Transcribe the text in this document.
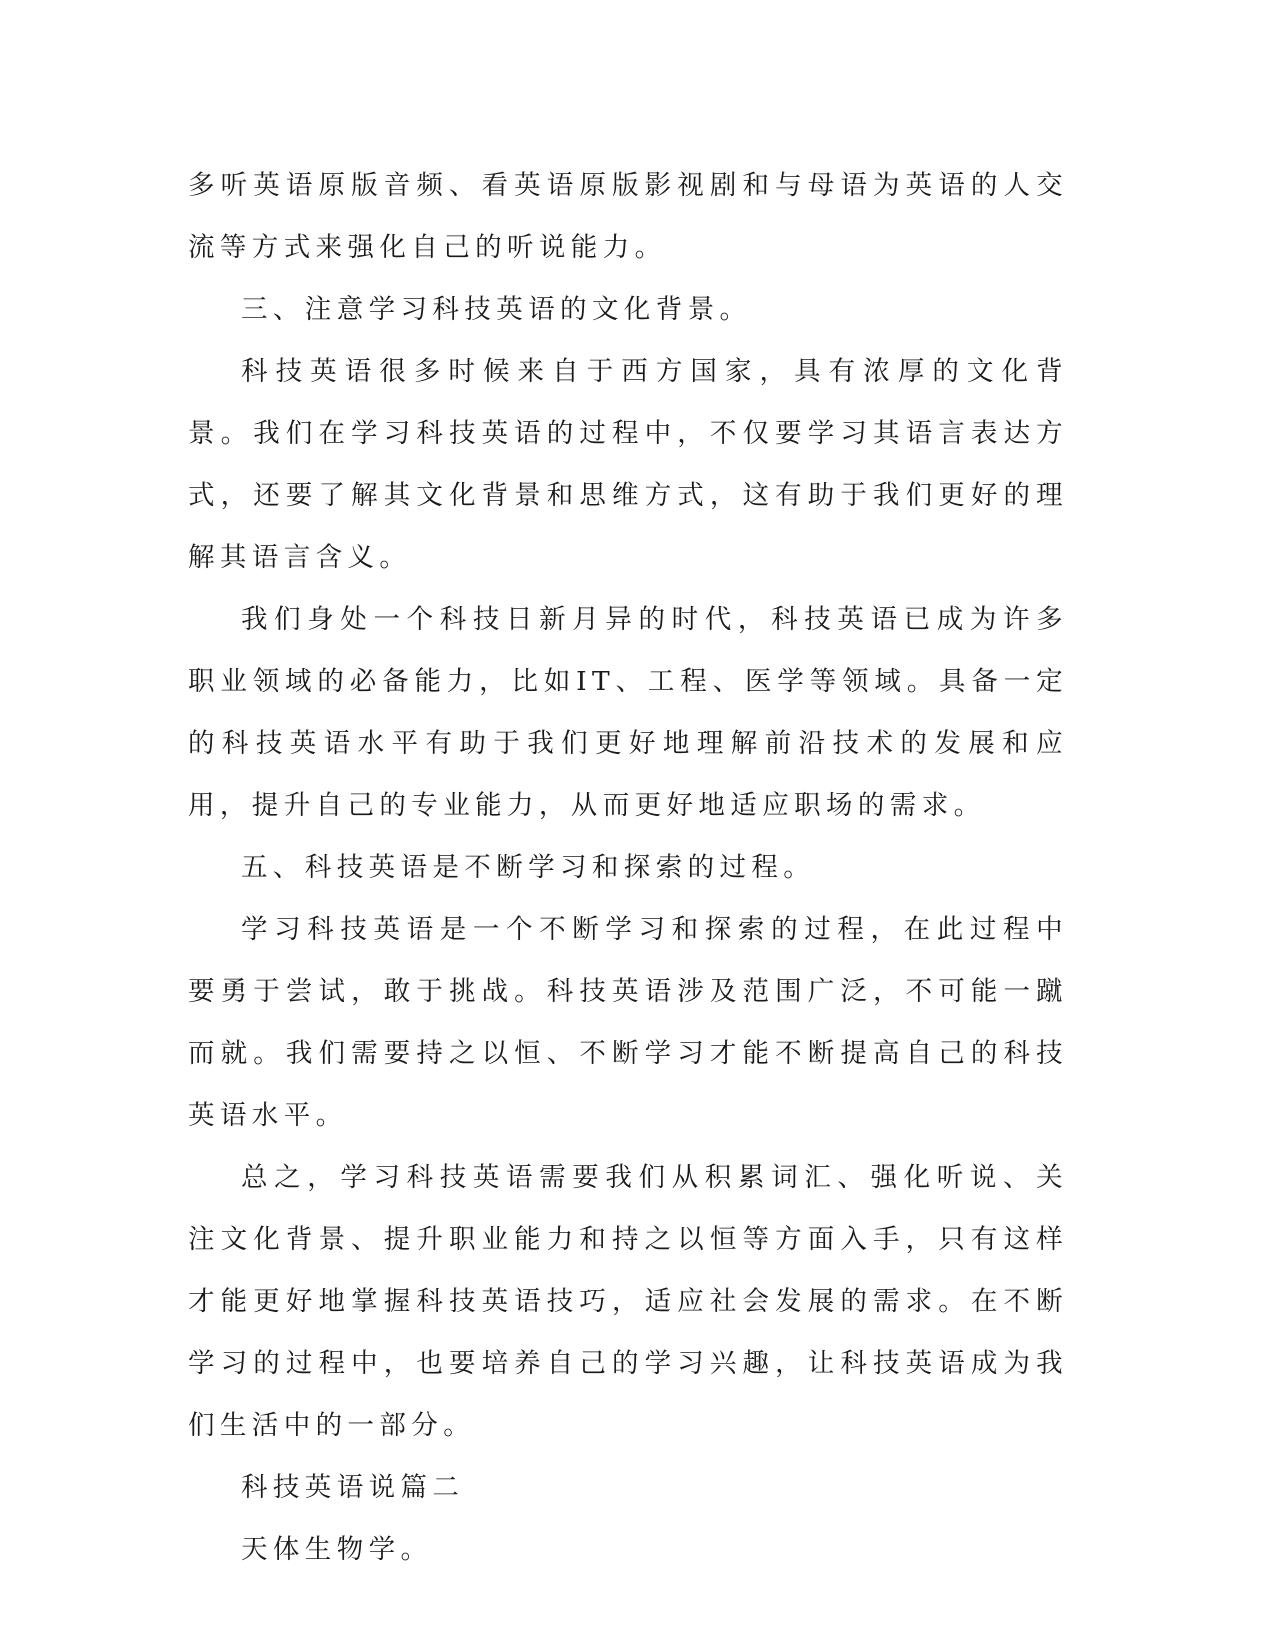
多听英语原版音频、看英语原版影视剧和与母语为英语的人交流等方式来强化自己的听说能力。

三、注意学习科技英语的文化背景。

科技英语很多时候来自于西方国家，具有浓厚的文化背景。我们在学习科技英语的过程中，不仅要学习其语言表达方式，还要了解其文化背景和思维方式，这有助于我们更好的理解其语言含义。

我们身处一个科技日新月异的时代，科技英语已成为许多职业领域的必备能力，比如IT、工程、医学等领域。具备一定的科技英语水平有助于我们更好地理解前沿技术的发展和应用，提升自己的专业能力，从而更好地适应职场的需求。

五、科技英语是不断学习和探索的过程。

学习科技英语是一个不断学习和探索的过程，在此过程中要勇于尝试，敢于挑战。科技英语涉及范围广泛，不可能一蹴而就。我们需要持之以恒、不断学习才能不断提高自己的科技英语水平。

总之，学习科技英语需要我们从积累词汇、强化听说、关注文化背景、提升职业能力和持之以恒等方面入手，只有这样才能更好地掌握科技英语技巧，适应社会发展的需求。在不断学习的过程中，也要培养自己的学习兴趣，让科技英语成为我们生活中的一部分。

科技英语说篇二

天体生物学。
